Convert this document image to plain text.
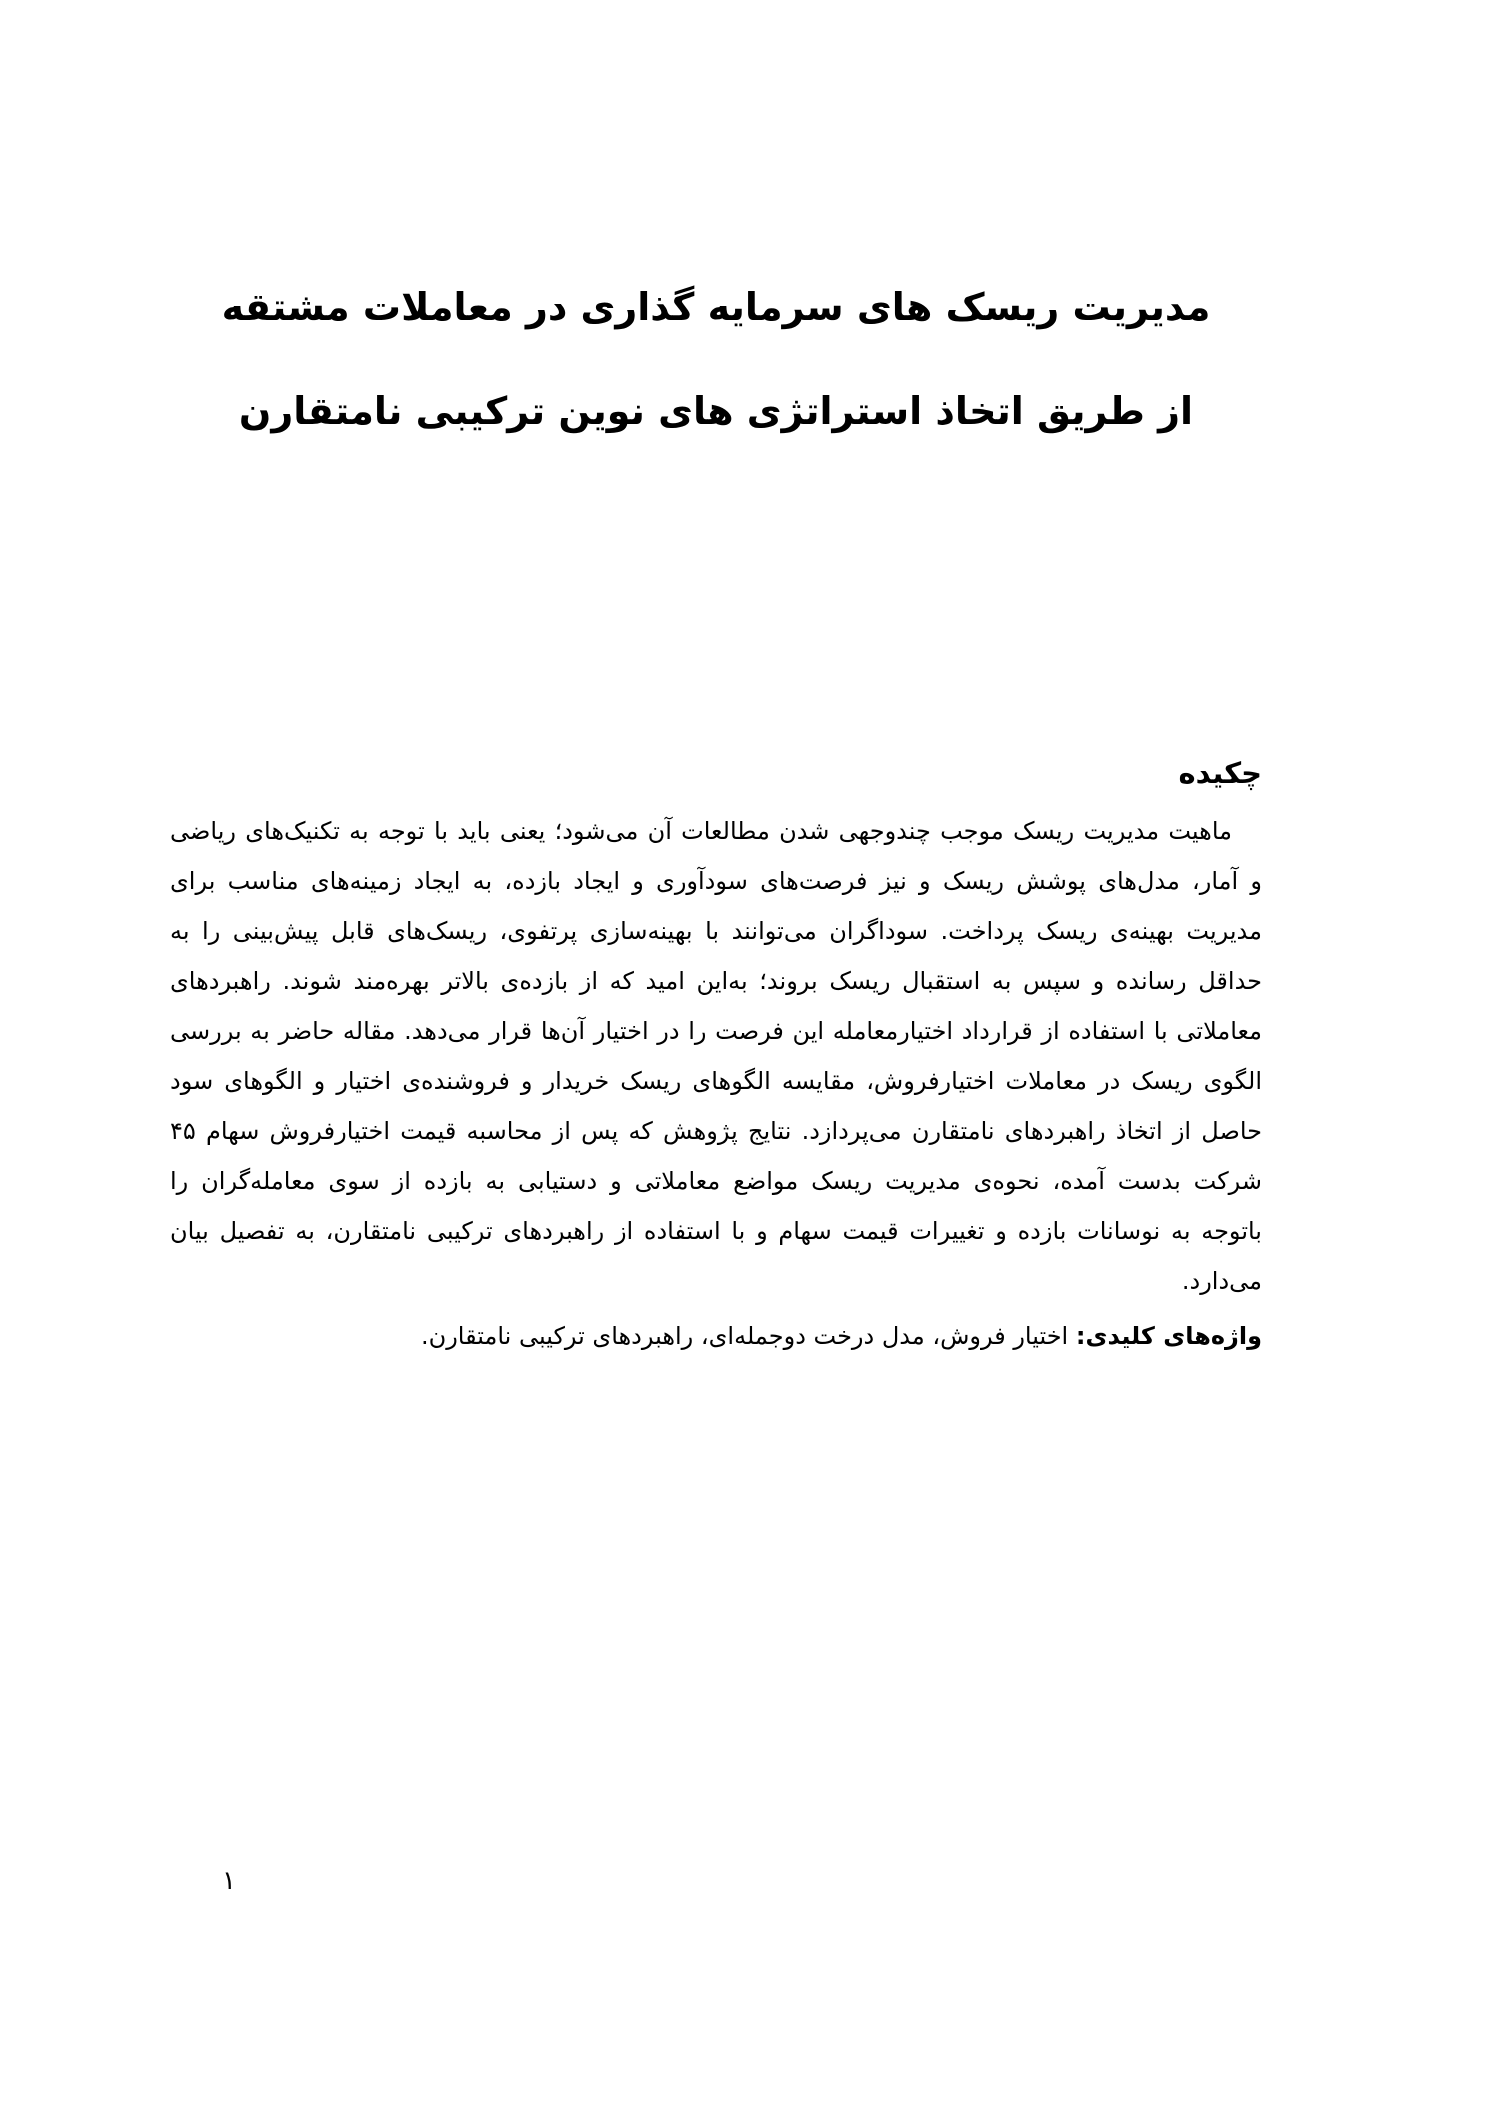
مدیریت ریسک های سرمایه گذاری در معاملات مشتقه
از طریق اتخاذ استراتژی های نوین ترکیبی نامتقارن
چکیده

ماهیت مدیریت ریسک موجب چندوجهی شدن مطالعات آن می‌شود؛ یعنی باید با توجه به تکنیک‌های ریاضی و آمار، مدل‌های پوشش ریسک و نیز فرصت‌های سودآوری و ایجاد بازده، به ایجاد زمینه‌های مناسب برای مدیریت بهینه‌ی ریسک پرداخت. سوداگران می‌توانند با بهینه‌سازی پرتفوی، ریسک‌های قابل پیش‌بینی را به حداقل رسانده و سپس به استقبال ریسک بروند؛ به‌این امید که از بازده‌ی بالاتر بهره‌مند شوند. راهبردهای معاملاتی با استفاده از قرارداد اختیارمعامله این فرصت را در اختیار آن‌ها قرار می‌دهد. مقاله حاضر به بررسی الگوی ریسک در معاملات اختیارفروش، مقایسه الگوهای ریسک خریدار و فروشنده‌ی اختیار و الگوهای سود حاصل از اتخاذ راهبردهای نامتقارن می‌پردازد. نتایج پژوهش که پس از محاسبه قیمت اختیارفروش سهام ۴۵ شرکت بدست آمده، نحوه‌ی مدیریت ریسک مواضع معاملاتی و دستیابی به بازده از سوی معامله‌گران را باتوجه به نوسانات بازده و تغییرات قیمت سهام و با استفاده از راهبردهای ترکیبی نامتقارن، به تفصیل بیان می‌دارد.

واژه‌های کلیدی: اختیار فروش، مدل درخت دوجمله‌ای، راهبردهای ترکیبی نامتقارن.
۱
